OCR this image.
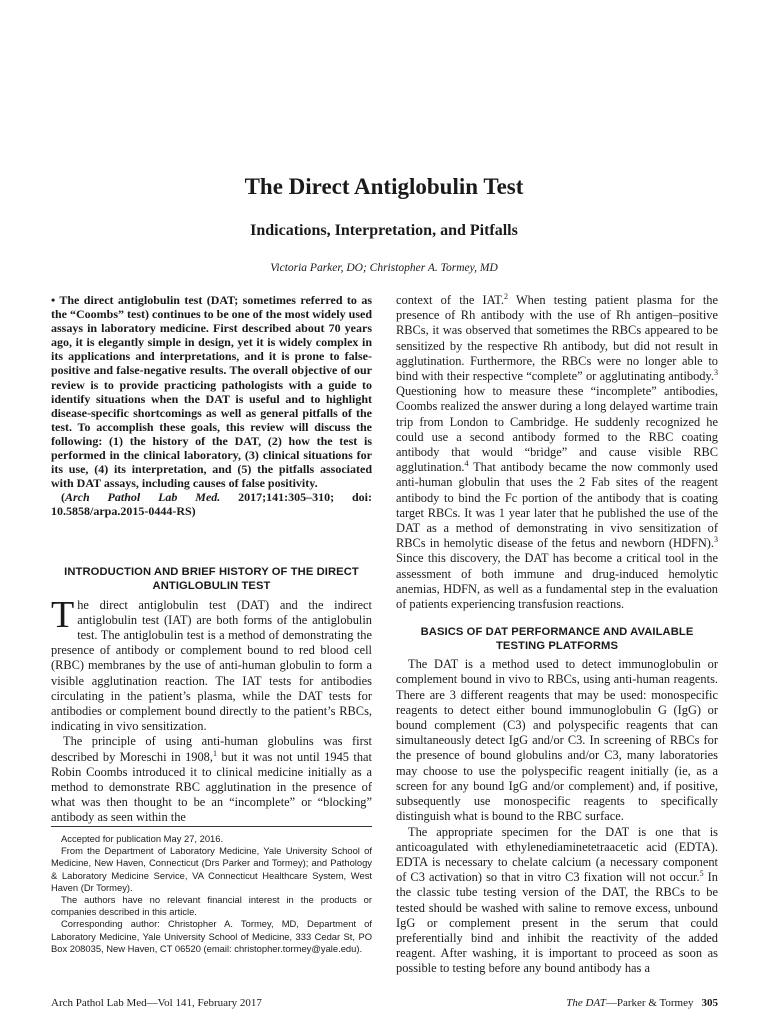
The Direct Antiglobulin Test
Indications, Interpretation, and Pitfalls
Victoria Parker, DO; Christopher A. Tormey, MD

• The direct antiglobulin test (DAT; sometimes referred to as the “Coombs” test) continues to be one of the most widely used assays in laboratory medicine. First described about 70 years ago, it is elegantly simple in design, yet it is widely complex in its applications and interpretations, and it is prone to false-positive and false-negative results. The overall objective of our review is to provide practicing pathologists with a guide to identify situations when the DAT is useful and to highlight disease-specific shortcomings as well as general pitfalls of the test. To accomplish these goals, this review will discuss the following: (1) the history of the DAT, (2) how the test is performed in the clinical laboratory, (3) clinical situations for its use, (4) its interpretation, and (5) the pitfalls associated with DAT assays, including causes of false positivity.

(Arch Pathol Lab Med. 2017;141:305–310; doi: 10.5858/arpa.2015-0444-RS)

INTRODUCTION AND BRIEF HISTORY OF THE DIRECT ANTIGLOBULIN TEST

The direct antiglobulin test (DAT) and the indirect antiglobulin test (IAT) are both forms of the antiglobulin test. The antiglobulin test is a method of demonstrating the presence of antibody or complement bound to red blood cell (RBC) membranes by the use of anti-human globulin to form a visible agglutination reaction. The IAT tests for antibodies circulating in the patient’s plasma, while the DAT tests for antibodies or complement bound directly to the patient’s RBCs, indicating in vivo sensitization.

The principle of using anti-human globulins was first described by Moreschi in 1908,$^1$ but it was not until 1945 that Robin Coombs introduced it to clinical medicine initially as a method to demonstrate RBC agglutination in the presence of what was then thought to be an “incomplete” or “blocking” antibody as seen within the

context of the IAT.$^2$ When testing patient plasma for the presence of Rh antibody with the use of Rh antigen–positive RBCs, it was observed that sometimes the RBCs appeared to be sensitized by the respective Rh antibody, but did not result in agglutination. Furthermore, the RBCs were no longer able to bind with their respective “complete” or agglutinating antibody.$^3$ Questioning how to measure these “incomplete” antibodies, Coombs realized the answer during a long delayed wartime train trip from London to Cambridge. He suddenly recognized he could use a second antibody formed to the RBC coating antibody that would “bridge” and cause visible RBC agglutination.$^4$ That antibody became the now commonly used anti-human globulin that uses the 2 Fab sites of the reagent antibody to bind the Fc portion of the antibody that is coating target RBCs. It was 1 year later that he published the use of the DAT as a method of demonstrating in vivo sensitization of RBCs in hemolytic disease of the fetus and newborn (HDFN).$^3$ Since this discovery, the DAT has become a critical tool in the assessment of both immune and drug-induced hemolytic anemias, HDFN, as well as a fundamental step in the evaluation of patients experiencing transfusion reactions.

BASICS OF DAT PERFORMANCE AND AVAILABLE TESTING PLATFORMS

The DAT is a method used to detect immunoglobulin or complement bound in vivo to RBCs, using anti-human reagents. There are 3 different reagents that may be used: monospecific reagents to detect either bound immunoglobulin G (IgG) or bound complement (C3) and polyspecific reagents that can simultaneously detect IgG and/or C3. In screening of RBCs for the presence of bound globulins and/or C3, many laboratories may choose to use the polyspecific reagent initially (ie, as a screen for any bound IgG and/or complement) and, if positive, subsequently use monospecific reagents to specifically distinguish what is bound to the RBC surface.

The appropriate specimen for the DAT is one that is anticoagulated with ethylenediaminetetraacetic acid (EDTA). EDTA is necessary to chelate calcium (a necessary component of C3 activation) so that in vitro C3 fixation will not occur.$^5$ In the classic tube testing version of the DAT, the RBCs to be tested should be washed with saline to remove excess, unbound IgG or complement present in the serum that could preferentially bind and inhibit the reactivity of the added reagent. After washing, it is important to proceed as soon as possible to testing before any bound antibody has a

Accepted for publication May 27, 2016.

From the Department of Laboratory Medicine, Yale University School of Medicine, New Haven, Connecticut (Drs Parker and Tormey); and Pathology & Laboratory Medicine Service, VA Connecticut Healthcare System, West Haven (Dr Tormey).

The authors have no relevant financial interest in the products or companies described in this article.

Corresponding author: Christopher A. Tormey, MD, Department of Laboratory Medicine, Yale University School of Medicine, 333 Cedar St, PO Box 208035, New Haven, CT 06520 (email: christopher.tormey@yale.edu).

Arch Pathol Lab Med—Vol 141, February 2017	The DAT—Parker & Tormey 305
